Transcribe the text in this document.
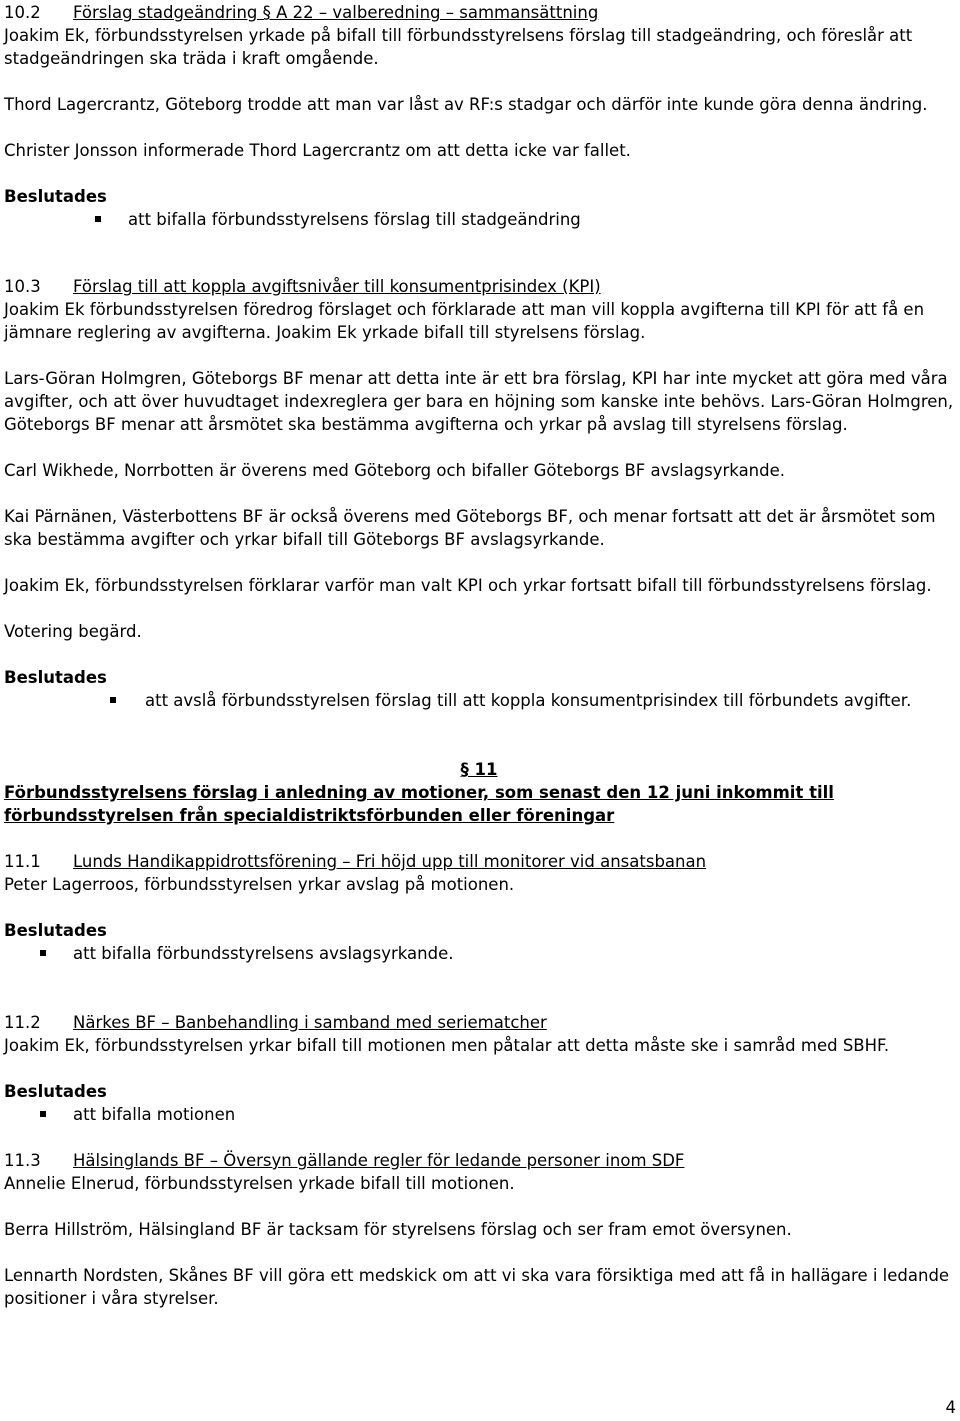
10.2 Förslag stadgeändring § A 22 – valberedning – sammansättning

Joakim Ek, förbundsstyrelsen yrkade på bifall till förbundsstyrelsens förslag till stadgeändring, och föreslår att stadgeändringen ska träda i kraft omgående.

Thord Lagercrantz, Göteborg trodde att man var låst av RF:s stadgar och därför inte kunde göra denna ändring.

Christer Jonsson informerade Thord Lagercrantz om att detta icke var fallet.

Beslutades

att bifalla förbundsstyrelsens förslag till stadgeändring

10.3 Förslag till att koppla avgiftsnivåer till konsumentprisindex (KPI)

Joakim Ek förbundsstyrelsen föredrog förslaget och förklarade att man vill koppla avgifterna till KPI för att få en jämnare reglering av avgifterna. Joakim Ek yrkade bifall till styrelsens förslag.

Lars-Göran Holmgren, Göteborgs BF menar att detta inte är ett bra förslag, KPI har inte mycket att göra med våra avgifter, och att över huvudtaget indexreglera ger bara en höjning som kanske inte behövs. Lars-Göran Holmgren, Göteborgs BF menar att årsmötet ska bestämma avgifterna och yrkar på avslag till styrelsens förslag.

Carl Wikhede, Norrbotten är överens med Göteborg och bifaller Göteborgs BF avslagsyrkande.

Kai Pärnänen, Västerbottens BF är också överens med Göteborgs BF, och menar fortsatt att det är årsmötet som ska bestämma avgifter och yrkar bifall till Göteborgs BF avslagsyrkande.

Joakim Ek, förbundsstyrelsen förklarar varför man valt KPI och yrkar fortsatt bifall till förbundsstyrelsens förslag.

Votering begärd.

Beslutades

att avslå förbundsstyrelsen förslag till att koppla konsumentprisindex till förbundets avgifter.

§ 11

Förbundsstyrelsens förslag i anledning av motioner, som senast den 12 juni inkommit till förbundsstyrelsen från specialdistriktsförbunden eller föreningar

11.1 Lunds Handikappidrottsförening – Fri höjd upp till monitorer vid ansatsbanan

Peter Lagerroos, förbundsstyrelsen yrkar avslag på motionen.

Beslutades

att bifalla förbundsstyrelsens avslagsyrkande.

11.2 Närkes BF – Banbehandling i samband med seriematcher

Joakim Ek, förbundsstyrelsen yrkar bifall till motionen men påtalar att detta måste ske i samråd med SBHF.

Beslutades

att bifalla motionen

11.3 Hälsinglands BF – Översyn gällande regler för ledande personer inom SDF

Annelie Elnerud, förbundsstyrelsen yrkade bifall till motionen.

Berra Hillström, Hälsingland BF är tacksam för styrelsens förslag och ser fram emot översynen.

Lennarth Nordsten, Skånes BF vill göra ett medskick om att vi ska vara försiktiga med att få in hallägare i ledande positioner i våra styrelser.

4
